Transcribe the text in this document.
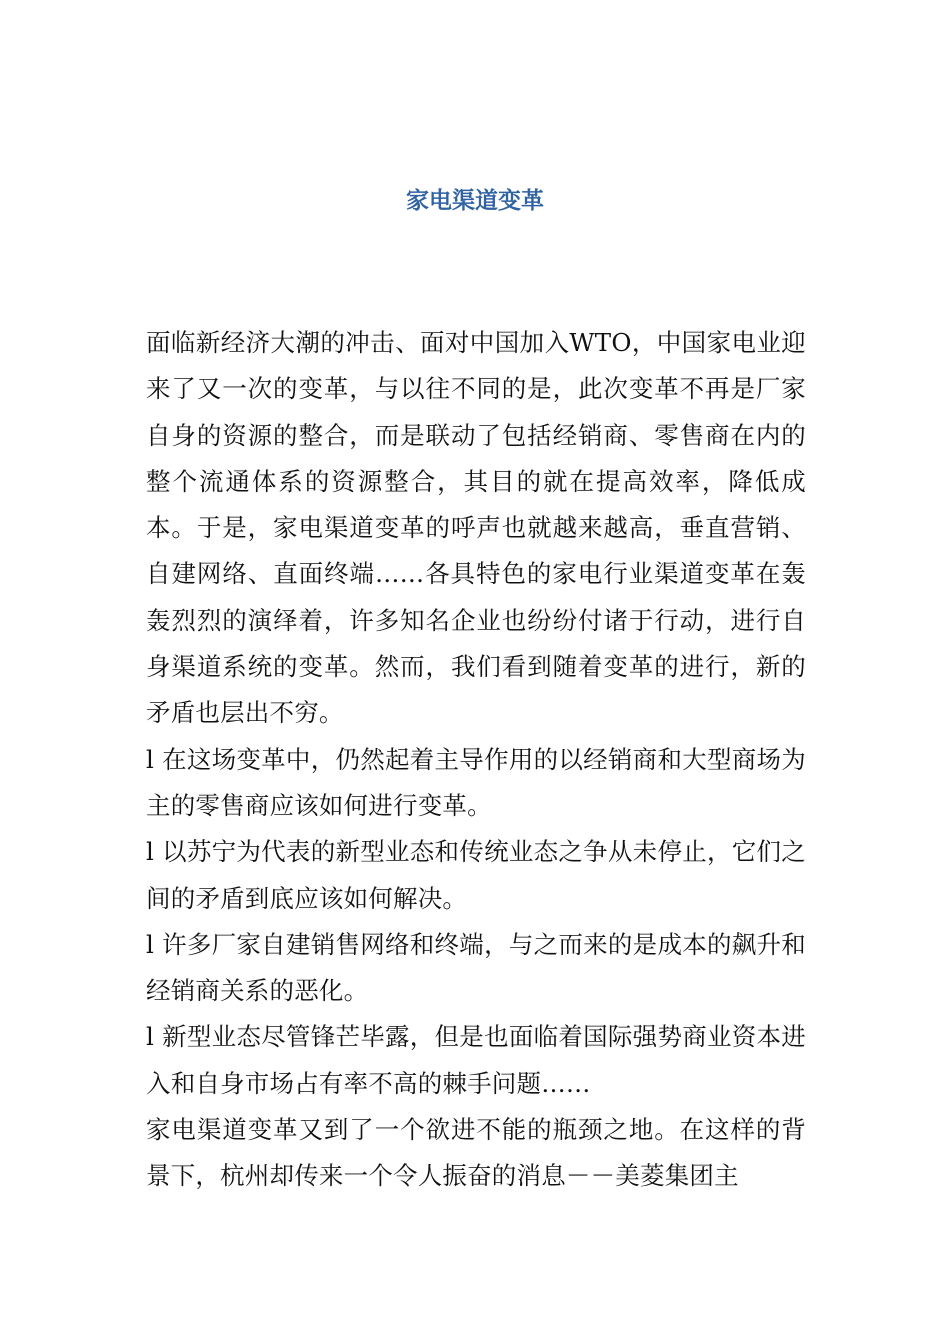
家电渠道变革

面临新经济大潮的冲击、面对中国加入WTO，中国家电业迎来了又一次的变革，与以往不同的是，此次变革不再是厂家自身的资源的整合，而是联动了包括经销商、零售商在内的整个流通体系的资源整合，其目的就在提高效率，降低成本。于是，家电渠道变革的呼声也就越来越高，垂直营销、自建网络、直面终端……各具特色的家电行业渠道变革在轰轰烈烈的演绎着，许多知名企业也纷纷付诸于行动，进行自身渠道系统的变革。然而，我们看到随着变革的进行，新的矛盾也层出不穷。

l 在这场变革中，仍然起着主导作用的以经销商和大型商场为主的零售商应该如何进行变革。

l 以苏宁为代表的新型业态和传统业态之争从未停止，它们之间的矛盾到底应该如何解决。

l 许多厂家自建销售网络和终端，与之而来的是成本的飙升和经销商关系的恶化。

l 新型业态尽管锋芒毕露，但是也面临着国际强势商业资本进入和自身市场占有率不高的棘手问题……

家电渠道变革又到了一个欲进不能的瓶颈之地。在这样的背景下，杭州却传来一个令人振奋的消息－－美菱集团主
